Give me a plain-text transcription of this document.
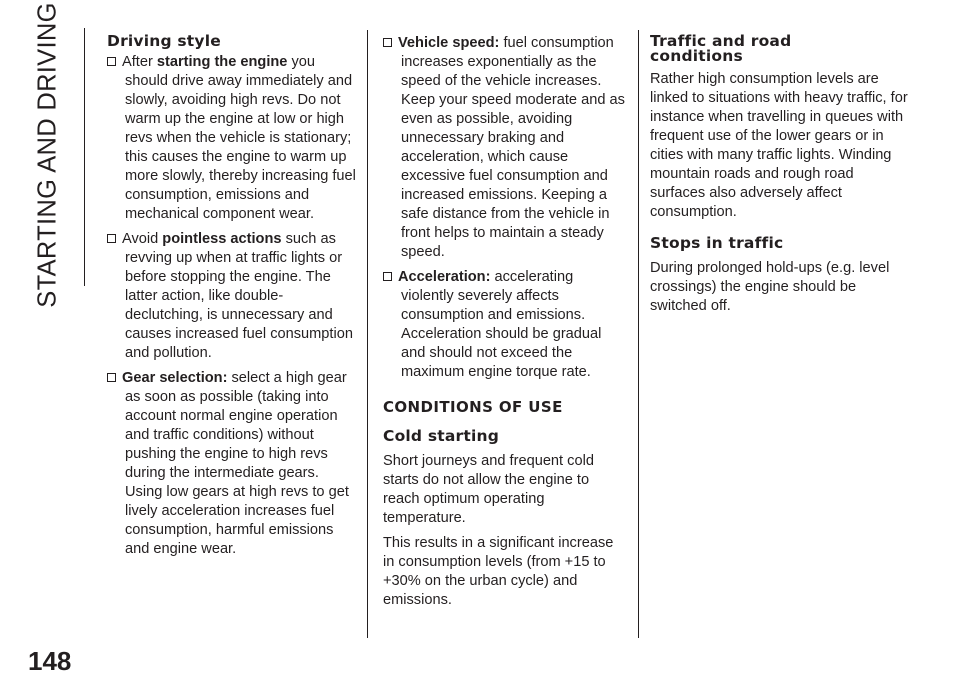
STARTING AND DRIVING	Driving style

After starting the engine you should drive away immediately and slowly, avoiding high revs. Do not warm up the engine at low or high revs when the vehicle is stationary; this causes the engine to warm up more slowly, thereby increasing fuel consumption, emissions and mechanical component wear.

Avoid pointless actions such as revving up when at traffic lights or before stopping the engine. The latter action, like double-declutching, is unnecessary and causes increased fuel consumption and pollution.

Gear selection: select a high gear as soon as possible (taking into account normal engine operation and traffic conditions) without pushing the engine to high revs during the intermediate gears. Using low gears at high revs to get lively acceleration increases fuel consumption, harmful emissions and engine wear.

Vehicle speed: fuel consumption increases exponentially as the speed of the vehicle increases. Keep your speed moderate and as even as possible, avoiding unnecessary braking and acceleration, which cause excessive fuel consumption and increased emissions. Keeping a safe distance from the vehicle in front helps to maintain a steady speed.

Acceleration: accelerating violently severely affects consumption and emissions. Acceleration should be gradual and should not exceed the maximum engine torque rate.

CONDITIONS OF USE
Cold starting

Short journeys and frequent cold starts do not allow the engine to reach optimum operating temperature.

This results in a significant increase in consumption levels (from +15 to +30% on the urban cycle) and emissions.

Traffic and road
conditions

Rather high consumption levels are linked to situations with heavy traffic, for instance when travelling in queues with frequent use of the lower gears or in cities with many traffic lights. Winding mountain roads and rough road surfaces also adversely affect consumption.

Stops in traffic

During prolonged hold-ups (e.g. level crossings) the engine should be switched off.

148
